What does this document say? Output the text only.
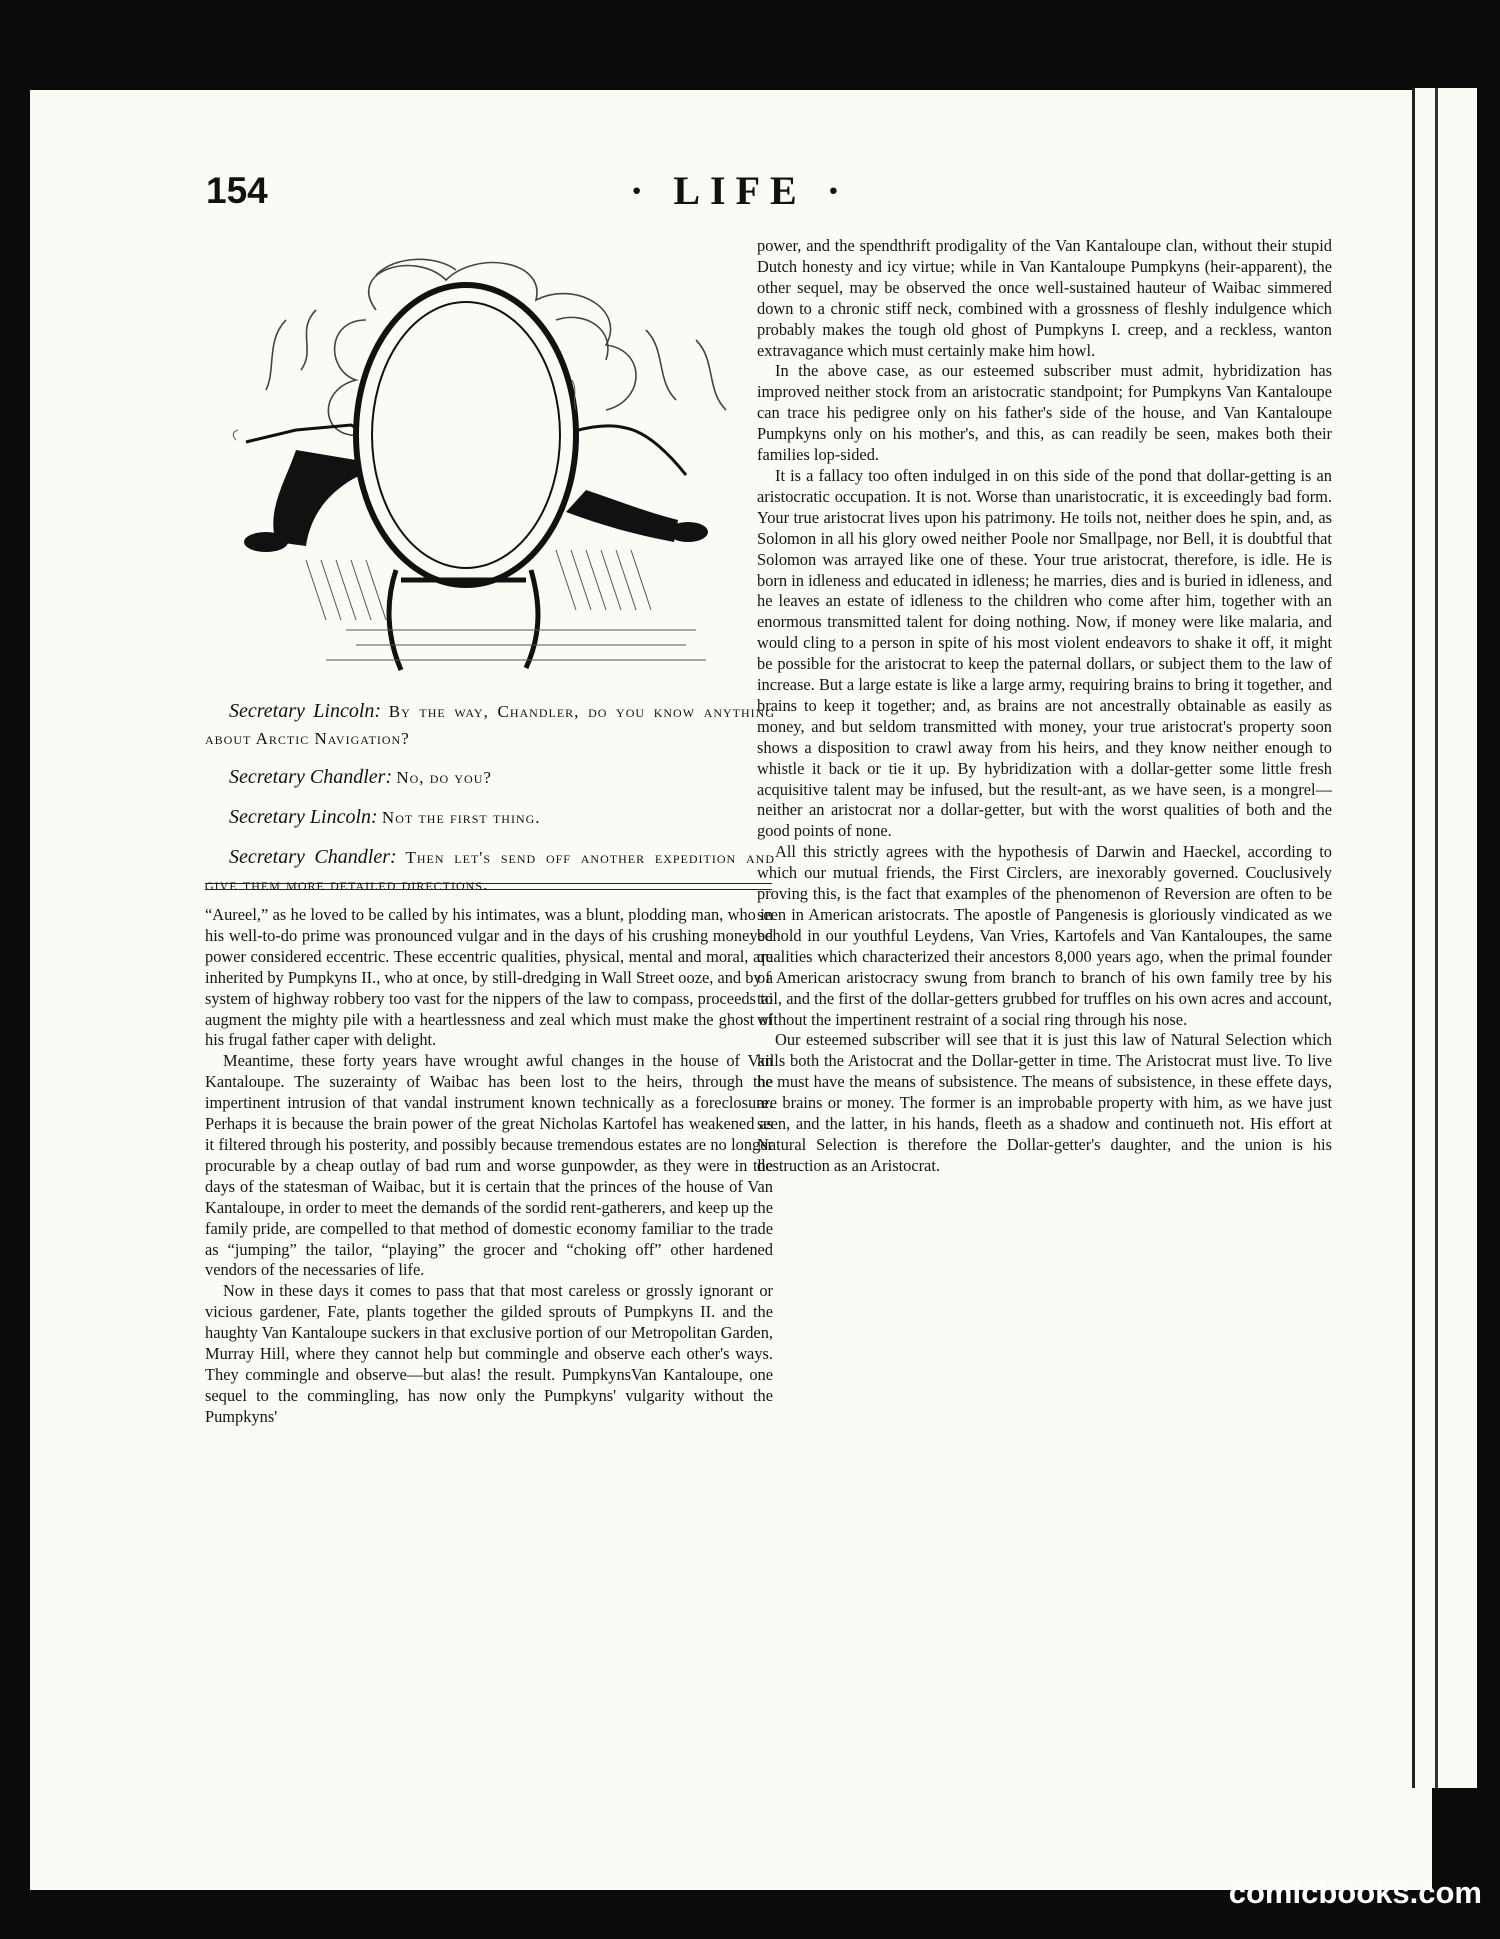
154	· LIFE ·

Secretary Lincoln: By the way, Chandler, do you know anything about Arctic Navigation?

Secretary Chandler: No, do you?

Secretary Lincoln: Not the first thing.

Secretary Chandler: Then let's send off another expedition and give them more detailed directions.

“Aureel,” as he loved to be called by his intimates, was a blunt, plodding man, who in his well-to-do prime was pronounced vulgar and in the days of his crushing moneyed power considered eccentric. These eccentric qualities, physical, mental and moral, are inherited by Pumpkyns II., who at once, by still-dredging in Wall Street ooze, and by a system of highway robbery too vast for the nippers of the law to compass, proceeds to augment the mighty pile with a heartlessness and zeal which must make the ghost of his frugal father caper with delight.

Meantime, these forty years have wrought awful changes in the house of Van Kantaloupe. The suzerainty of Waibac has been lost to the heirs, through the impertinent intrusion of that vandal instrument known technically as a foreclosure. Perhaps it is because the brain power of the great Nicholas Kartofel has weakened as it filtered through his posterity, and possibly because tremendous estates are no longer procurable by a cheap outlay of bad rum and worse gunpowder, as they were in the days of the statesman of Waibac, but it is certain that the princes of the house of Van Kantaloupe, in order to meet the demands of the sordid rent-gatherers, and keep up the family pride, are compelled to that method of domestic economy familiar to the trade as “jumping” the tailor, “playing” the grocer and “choking off” other hardened vendors of the necessaries of life.

Now in these days it comes to pass that that most careless or grossly ignorant or vicious gardener, Fate, plants together the gilded sprouts of Pumpkyns II. and the haughty Van Kantaloupe suckers in that exclusive portion of our Metropolitan Garden, Murray Hill, where they cannot help but commingle and observe each other's ways. They commingle and observe—but alas! the result. PumpkynsVan Kantaloupe, one sequel to the commingling, has now only the Pumpkyns' vulgarity without the Pumpkyns'

power, and the spendthrift prodigality of the Van Kantaloupe clan, without their stupid Dutch honesty and icy virtue; while in Van Kantaloupe Pumpkyns (heir-apparent), the other sequel, may be observed the once well-sustained hauteur of Waibac simmered down to a chronic stiff neck, combined with a grossness of fleshly indulgence which probably makes the tough old ghost of Pumpkyns I. creep, and a reckless, wanton extravagance which must certainly make him howl.

In the above case, as our esteemed subscriber must admit, hybridization has improved neither stock from an aristocratic standpoint; for Pumpkyns Van Kantaloupe can trace his pedigree only on his father's side of the house, and Van Kantaloupe Pumpkyns only on his mother's, and this, as can readily be seen, makes both their families lop-sided.

It is a fallacy too often indulged in on this side of the pond that dollar-getting is an aristocratic occupation. It is not. Worse than unaristocratic, it is exceedingly bad form. Your true aristocrat lives upon his patrimony. He toils not, neither does he spin, and, as Solomon in all his glory owed neither Poole nor Smallpage, nor Bell, it is doubtful that Solomon was arrayed like one of these. Your true aristocrat, therefore, is idle. He is born in idleness and educated in idleness; he marries, dies and is buried in idleness, and he leaves an estate of idleness to the children who come after him, together with an enormous transmitted talent for doing nothing. Now, if money were like malaria, and would cling to a person in spite of his most violent endeavors to shake it off, it might be possible for the aristocrat to keep the paternal dollars, or subject them to the law of increase. But a large estate is like a large army, requiring brains to bring it together, and brains to keep it together; and, as brains are not ancestrally obtainable as easily as money, and but seldom transmitted with money, your true aristocrat's property soon shows a disposition to crawl away from his heirs, and they know neither enough to whistle it back or tie it up. By hybridization with a dollar-getter some little fresh acquisitive talent may be infused, but the result-ant, as we have seen, is a mongrel—neither an aristocrat nor a dollar-getter, but with the worst qualities of both and the good points of none.

All this strictly agrees with the hypothesis of Darwin and Haeckel, according to which our mutual friends, the First Circlers, are inexorably governed. Couclusively proving this, is the fact that examples of the phenomenon of Reversion are often to be seen in American aristocrats. The apostle of Pangenesis is gloriously vindicated as we behold in our youthful Leydens, Van Vries, Kartofels and Van Kantaloupes, the same qualities which characterized their ancestors 8,000 years ago, when the primal founder of American aristocracy swung from branch to branch of his own family tree by his tail, and the first of the dollar-getters grubbed for truffles on his own acres and account, without the impertinent restraint of a social ring through his nose.

Our esteemed subscriber will see that it is just this law of Natural Selection which kills both the Aristocrat and the Dollar-getter in time. The Aristocrat must live. To live he must have the means of subsistence. The means of subsistence, in these effete days, are brains or money. The former is an improbable property with him, as we have just seen, and the latter, in his hands, fleeth as a shadow and continueth not. His effort at Natural Selection is therefore the Dollar-getter's daughter, and the union is his destruction as an Aristocrat.

comicbooks.com
